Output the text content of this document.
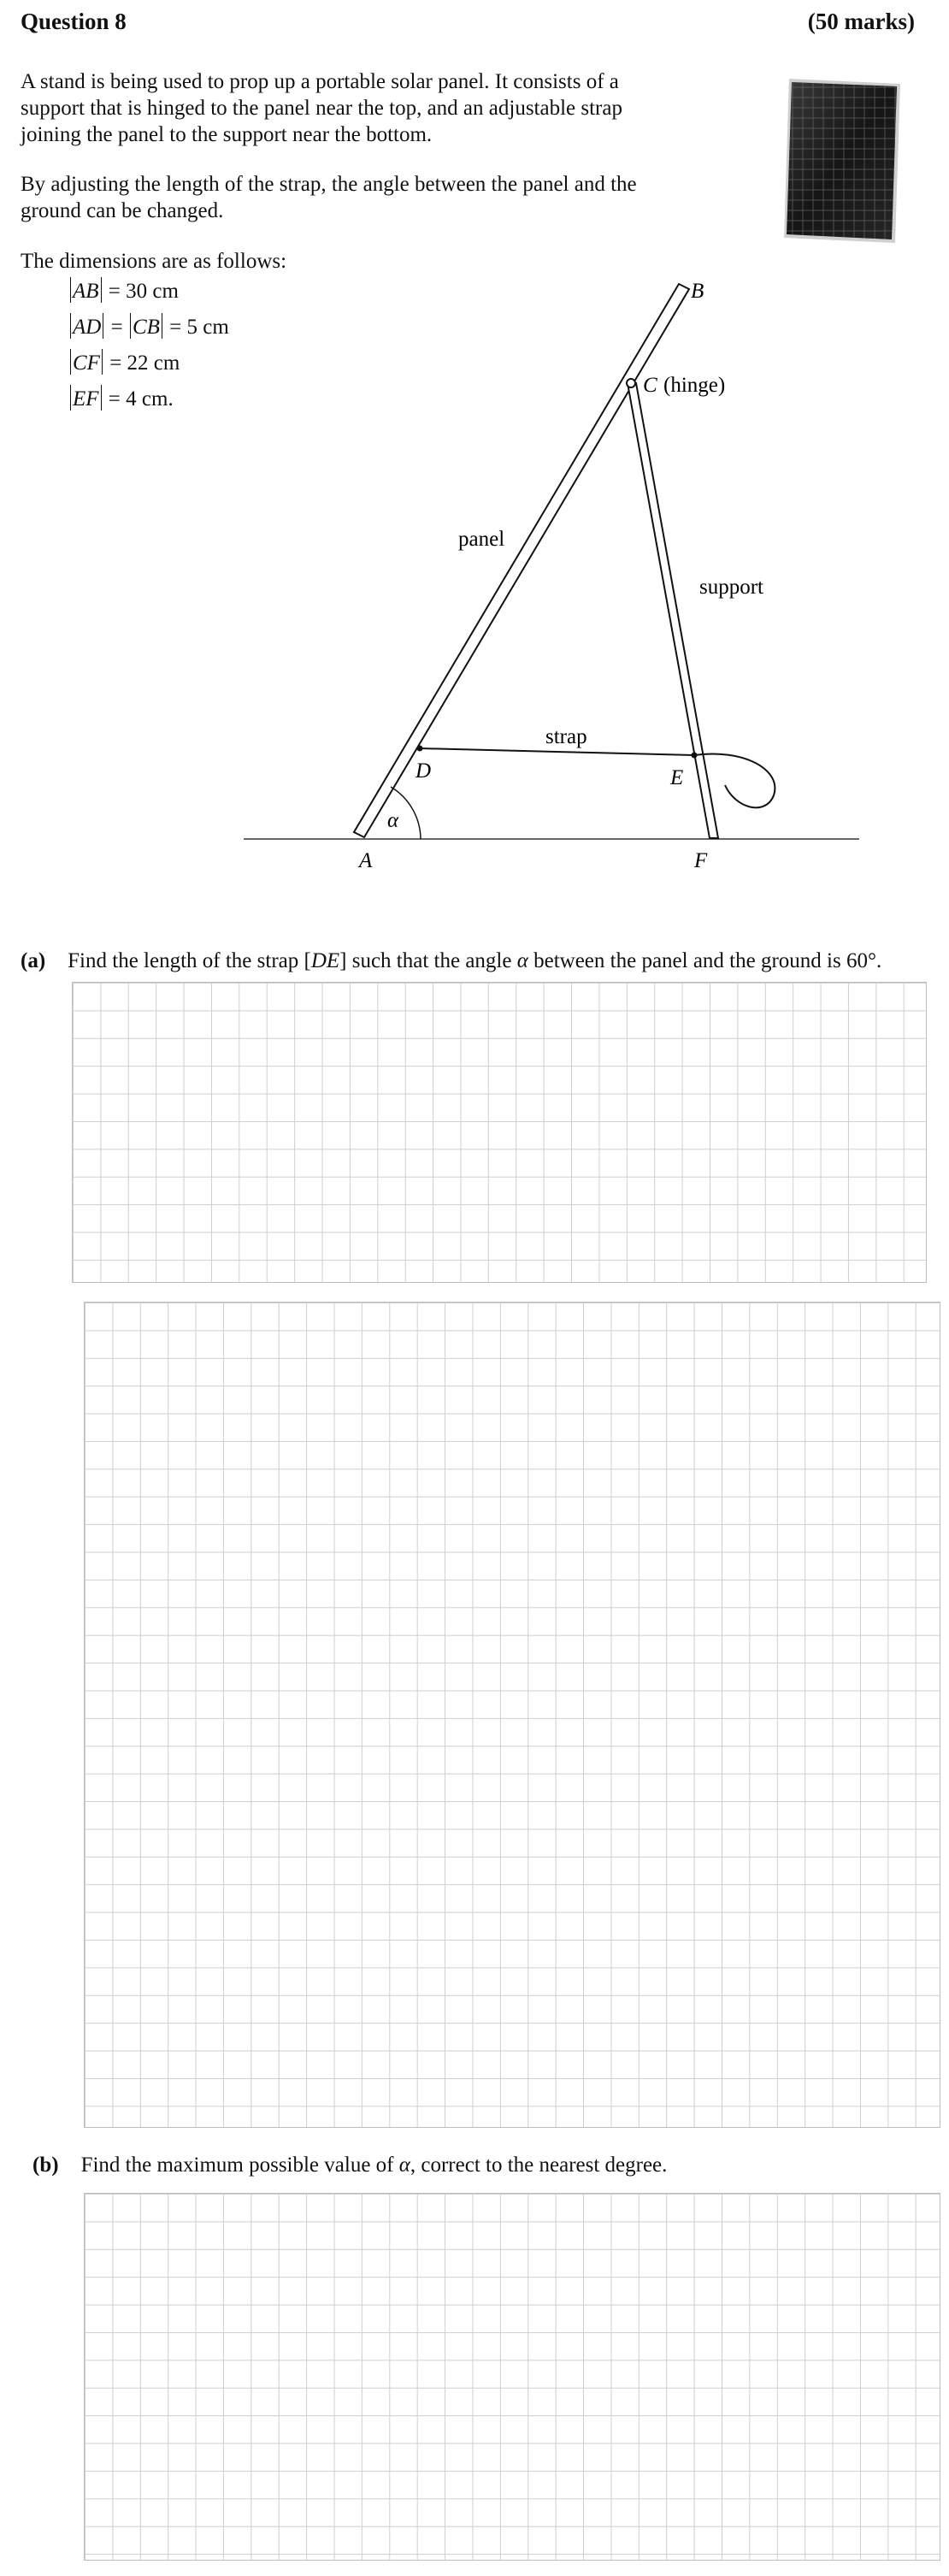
Question 8	(50 marks)
A stand is being used to prop up a portable solar panel. It consists of a support that is hinged to the panel near the top, and an adjustable strap joining the panel to the support near the bottom.
By adjusting the length of the strap, the angle between the panel and the ground can be changed.
The dimensions are as follows:
AB = 30 cm
AD = CB = 5 cm
CF = 22 cm
EF = 4 cm.
B
C (hinge)
panel
support
strap
D	E
α
A	F
(a) Find the length of the strap [DE] such that the angle α between the panel and the ground is 60°.
(b) Find the maximum possible value of α, correct to the nearest degree.
